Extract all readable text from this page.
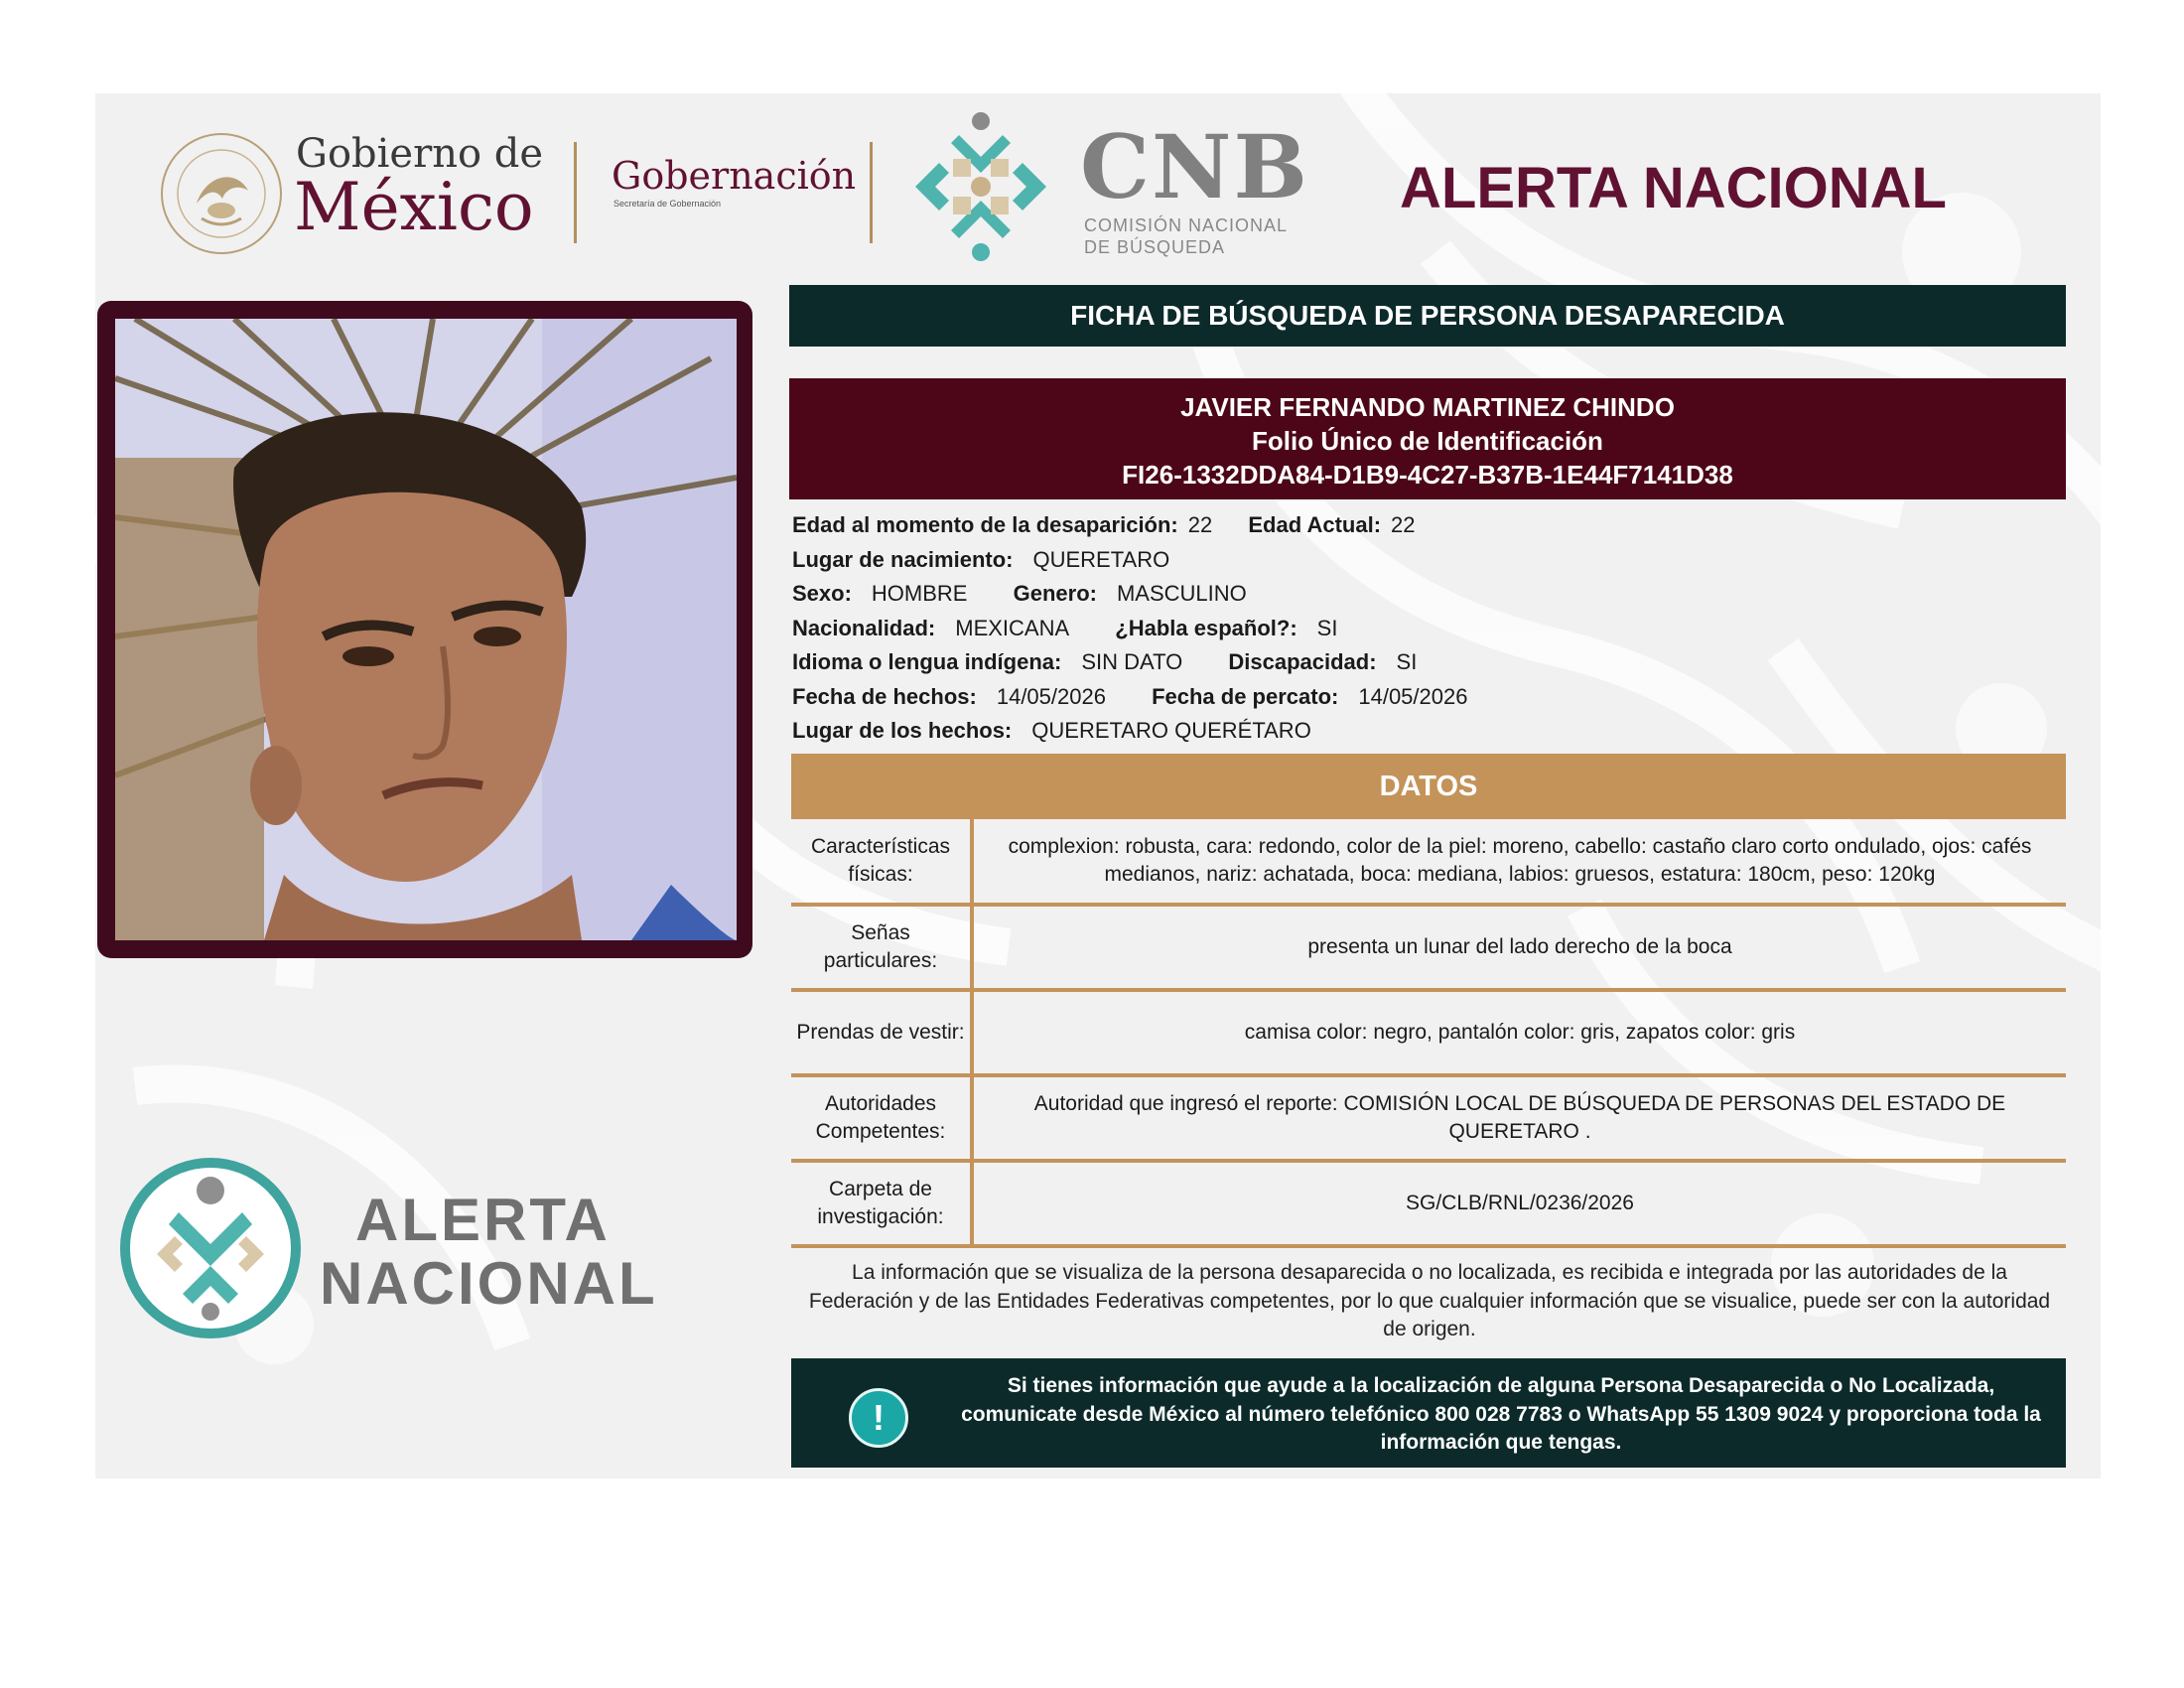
Gobierno de
México Gobernación
Secretaría de Gobernación	CNB
COMISIÓN NACIONAL
DE BÚSQUEDA
ALERTA NACIONAL
FICHA DE BÚSQUEDA DE PERSONA DESAPARECIDA
JAVIER FERNANDO MARTINEZ CHINDO
Folio Único de Identificación
FI26-1332DDA84-D1B9-4C27-B37B-1E44F7141D38
Edad al momento de la desaparición: 22 Edad Actual: 22
Lugar de nacimiento: QUERETARO
Sexo: HOMBRE Genero: MASCULINO
Nacionalidad: MEXICANA ¿Habla español?: SI
Idioma o lengua indígena: SIN DATO Discapacidad: SI
Fecha de hechos: 14/05/2026 Fecha de percato: 14/05/2026
Lugar de los hechos: QUERETARO QUERÉTARO
DATOS
Características físicas:	complexion: robusta, cara: redondo, color de la piel: moreno, cabello: castaño claro corto ondulado, ojos: cafés medianos, nariz: achatada, boca: mediana, labios: gruesos, estatura: 180cm, peso: 120kg
Señas particulares:	presenta un lunar del lado derecho de la boca
Prendas de vestir:	camisa color: negro, pantalón color: gris, zapatos color: gris
Autoridades Competentes:	Autoridad que ingresó el reporte: COMISIÓN LOCAL DE BÚSQUEDA DE PERSONAS DEL ESTADO DE QUERETARO .
Carpeta de investigación:	SG/CLB/RNL/0236/2026
La información que se visualiza de la persona desaparecida o no localizada, es recibida e integrada por las autoridades de la Federación y de las Entidades Federativas competentes, por lo que cualquier información que se visualice, puede ser con la autoridad de origen.
!
Si tienes información que ayude a la localización de alguna Persona Desaparecida o No Localizada, comunicate desde México al número telefónico 800 028 7783 o WhatsApp 55 1309 9024 y proporciona toda la información que tengas.
ALERTA
NACIONAL
